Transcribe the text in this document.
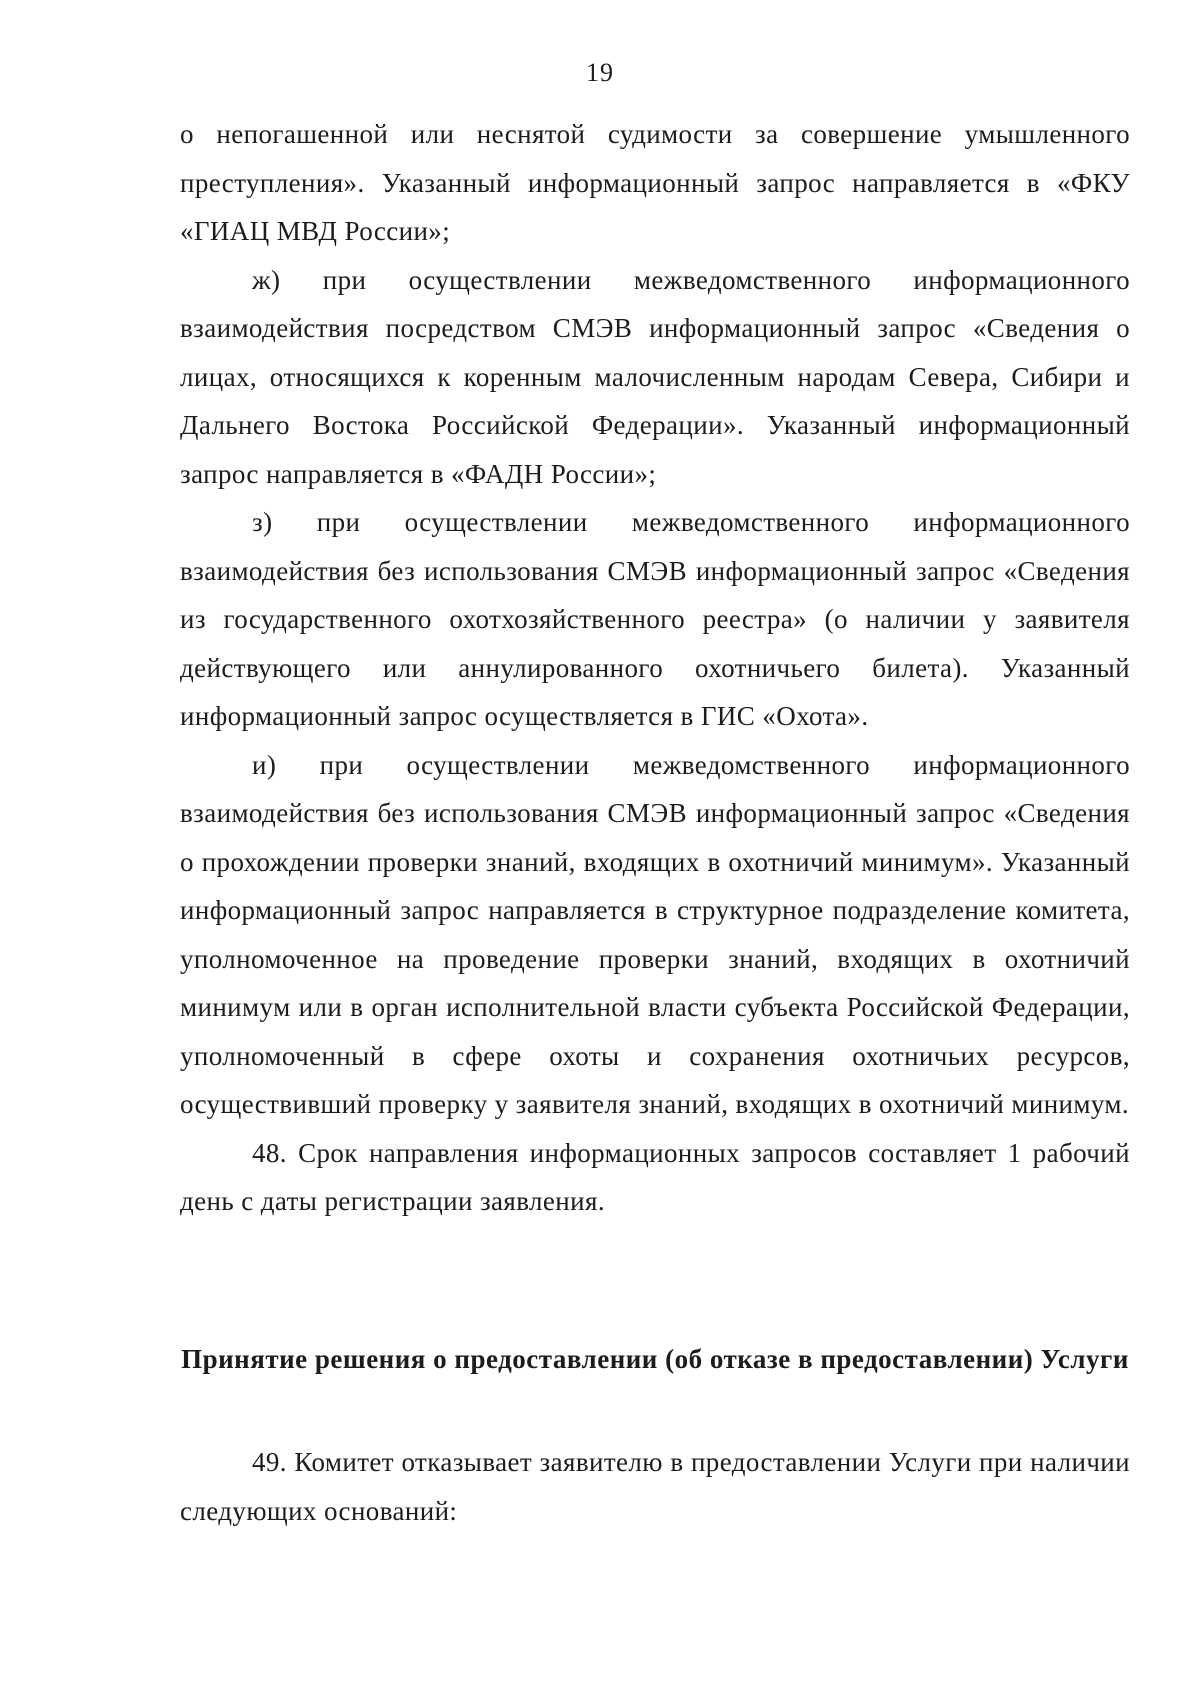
19

о непогашенной или неснятой судимости за совершение умышленного преступления». Указанный информационный запрос направляется в «ФКУ «ГИАЦ МВД России»;

ж) при осуществлении межведомственного информационного взаимодействия посредством СМЭВ информационный запрос «Сведения о лицах, относящихся к коренным малочисленным народам Севера, Сибири и Дальнего Востока Российской Федерации». Указанный информационный запрос направляется в «ФАДН России»;

з) при осуществлении межведомственного информационного взаимодействия без использования СМЭВ информационный запрос «Сведения из государственного охотхозяйственного реестра» (о наличии у заявителя действующего или аннулированного охотничьего билета). Указанный информационный запрос осуществляется в ГИС «Охота».

и) при осуществлении межведомственного информационного взаимодействия без использования СМЭВ информационный запрос «Сведения о прохождении проверки знаний, входящих в охотничий минимум». Указанный информационный запрос направляется в структурное подразделение комитета, уполномоченное на проведение проверки знаний, входящих в охотничий минимум или в орган исполнительной власти субъекта Российской Федерации, уполномоченный в сфере охоты и сохранения охотничьих ресурсов, осуществивший проверку у заявителя знаний, входящих в охотничий минимум.

48. Срок направления информационных запросов составляет 1 рабочий день с даты регистрации заявления.

Принятие решения о предоставлении (об отказе в предоставлении) Услуги

49. Комитет отказывает заявителю в предоставлении Услуги при наличии следующих оснований:
